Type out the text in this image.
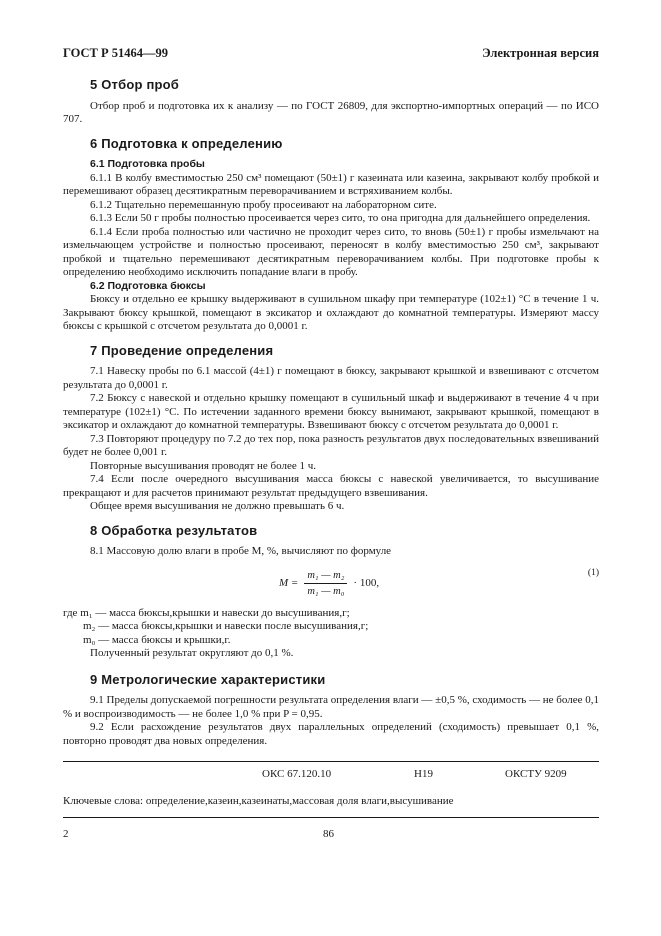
ГОСТ Р 51464—99	Электронная версия
5 Отбор проб

Отбор проб и подготовка их к анализу — по ГОСТ 26809, для экспортно-импортных операций — по ИСО 707.

6 Подготовка к определению
6.1 Подготовка пробы

6.1.1 В колбу вместимостью 250 см³ помещают (50±1) г казеината или казеина, закрывают колбу пробкой и перемешивают образец десятикратным переворачиванием и встряхиванием колбы.

6.1.2 Тщательно перемешанную пробу просеивают на лабораторном сите.

6.1.3 Если 50 г пробы полностью просеивается через сито, то она пригодна для дальнейшего определения.

6.1.4 Если проба полностью или частично не проходит через сито, то вновь (50±1) г пробы измельчают на измельчающем устройстве и полностью просеивают, переносят в колбу вместимостью 250 см³, закрывают пробкой и тщательно перемешивают десятикратным переворачиванием колбы. При подготовке пробы к определению необходимо исключить попадание влаги в пробу.

6.2 Подготовка бюксы

Бюксу и отдельно ее крышку выдерживают в сушильном шкафу при температуре (102±1) °С в течение 1 ч. Закрывают бюксу крышкой, помещают в эксикатор и охлаждают до комнатной температуры. Измеряют массу бюксы с крышкой с отсчетом результата до 0,0001 г.

7 Проведение определения

7.1 Навеску пробы по 6.1 массой (4±1) г помещают в бюксу, закрывают крышкой и взвешивают с отсчетом результата до 0,0001 г.

7.2 Бюксу с навеской и отдельно крышку помещают в сушильный шкаф и выдерживают в течение 4 ч при температуре (102±1) °С. По истечении заданного времени бюксу вынимают, закрывают крышкой, помещают в эксикатор и охлаждают до комнатной температуры. Взвешивают бюксу с отсчетом результата до 0,0001 г.

7.3 Повторяют процедуру по 7.2 до тех пор, пока разность результатов двух последовательных взвешиваний будет не более 0,001 г.

Повторные высушивания проводят не более 1 ч.

7.4 Если после очередного высушивания масса бюксы с навеской увеличивается, то высушивание прекращают и для расчетов принимают результат предыдущего взвешивания.

Общее время высушивания не должно превышать 6 ч.

8 Обработка результатов

8.1 Массовую долю влаги в пробе M, %, вычисляют по формуле

$M = \frac{\text{m₁ — m₂}}{\text{m₁ — m₀}} \cdot 100$,
(1)
где m₁ — масса бюксы,крышки и навески до высушивания,г;
m₂ — масса бюксы,крышки и навески после высушивания,г;
m₀ — масса бюксы и крышки,г.

Полученный результат округляют до 0,1 %.

9 Метрологические характеристики

9.1 Пределы допускаемой погрешности результата определения влаги — ±0,5 %, сходимость — не более 0,1 % и воспроизводимость — не более 1,0 % при P = 0,95.

9.2 Если расхождение результатов двух параллельных определений (сходимость) превышает 0,1 %, повторно проводят два новых определения.

ОКС 67.120.10	Н19	ОКСТУ 9209
Ключевые слова: определение,казеин,казеинаты,массовая доля влаги,высушивание
2	86
